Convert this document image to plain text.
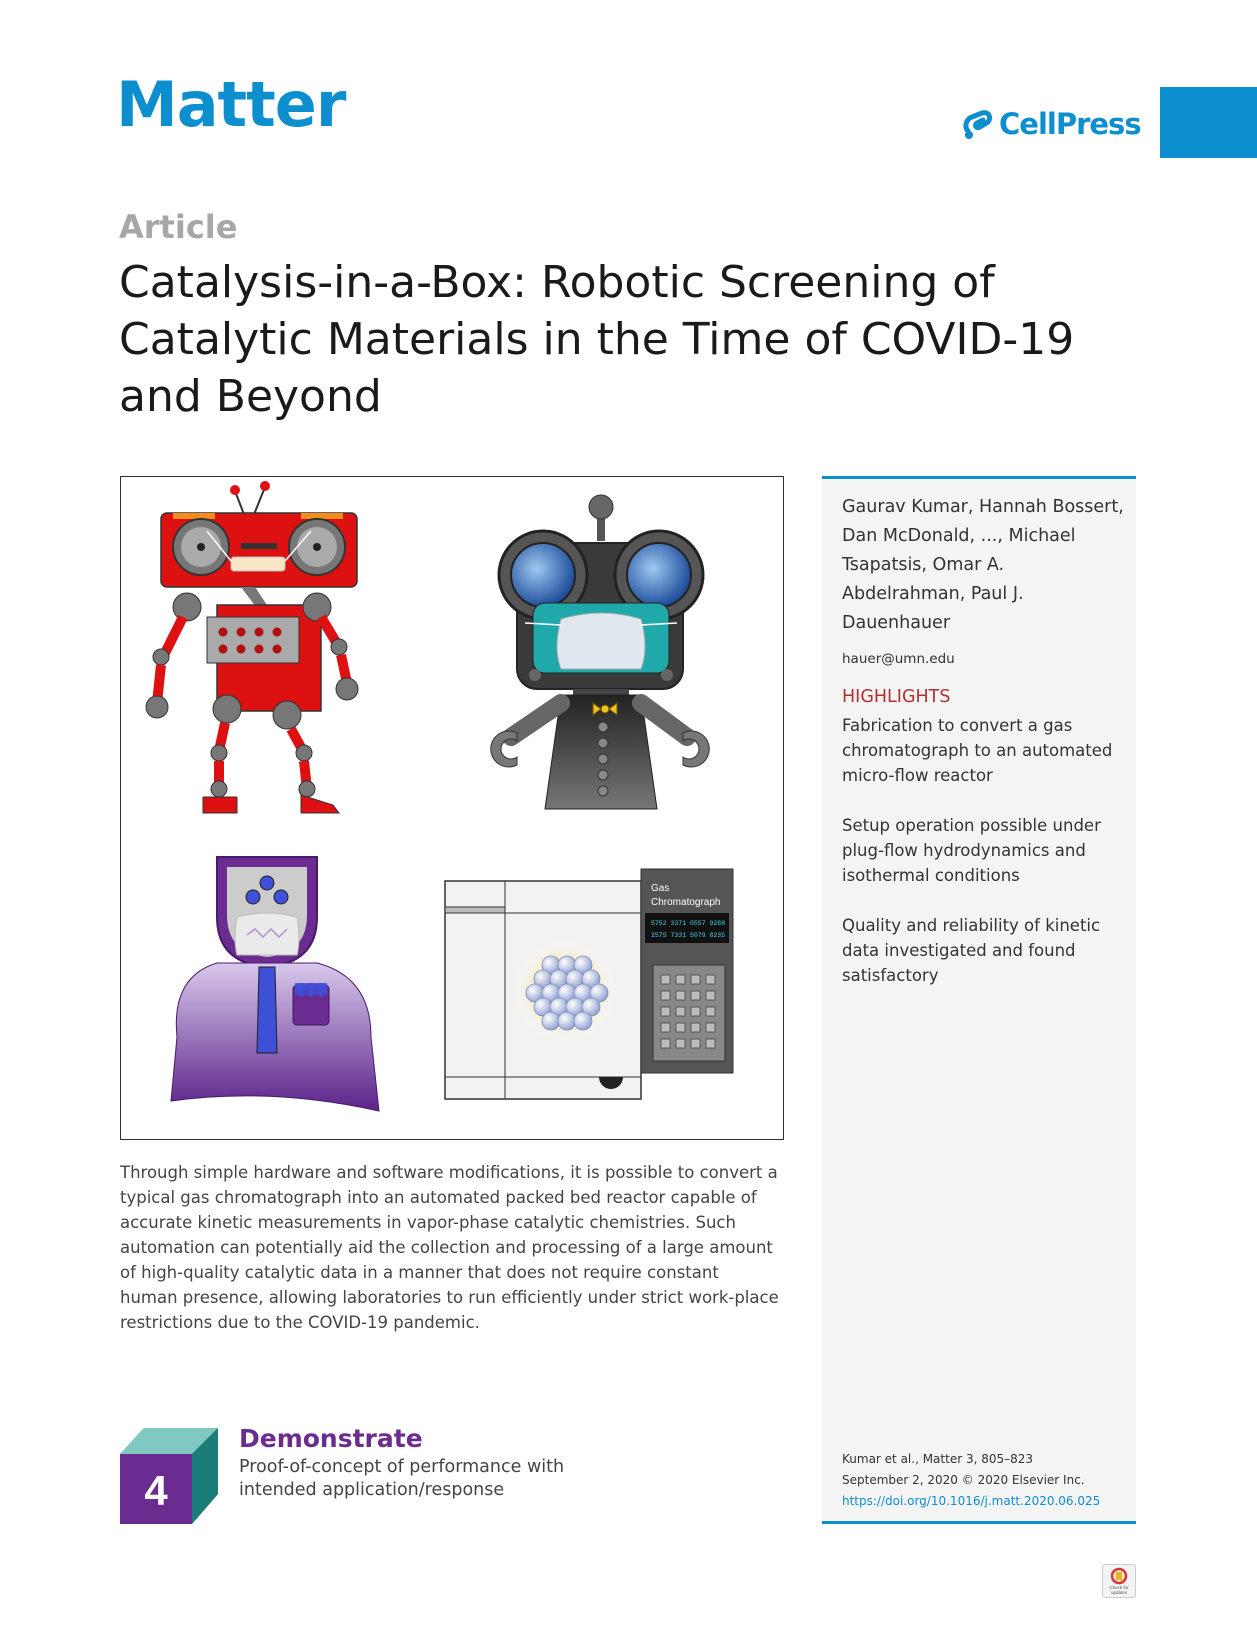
Matter	CellPress
Article
Catalysis-in-a-Box: Robotic Screening of Catalytic Materials in the Time of COVID-19 and Beyond
Gas
Chromatograph
5752 3371 0557 9288
2575 7331 5079 8235
Through simple hardware and software modifications, it is possible to convert a typical gas chromatograph into an automated packed bed reactor capable of accurate kinetic measurements in vapor-phase catalytic chemistries. Such automation can potentially aid the collection and processing of a large amount of high-quality catalytic data in a manner that does not require constant human presence, allowing laboratories to run efficiently under strict work-place restrictions due to the COVID-19 pandemic.
Gaurav Kumar, Hannah Bossert, Dan McDonald, ..., Michael Tsapatsis, Omar A. Abdelrahman, Paul J. Dauenhauer
hauer@umn.edu
HIGHLIGHTS
Fabrication to convert a gas chromatograph to an automated micro-flow reactor
Setup operation possible under plug-flow hydrodynamics and isothermal conditions
Quality and reliability of kinetic data investigated and found satisfactory
Kumar et al., Matter 3, 805–823
September 2, 2020 © 2020 Elsevier Inc.
https://doi.org/10.1016/j.matt.2020.06.025
4
Demonstrate
Proof-of-concept of performance with intended application/response
Check for
updates
